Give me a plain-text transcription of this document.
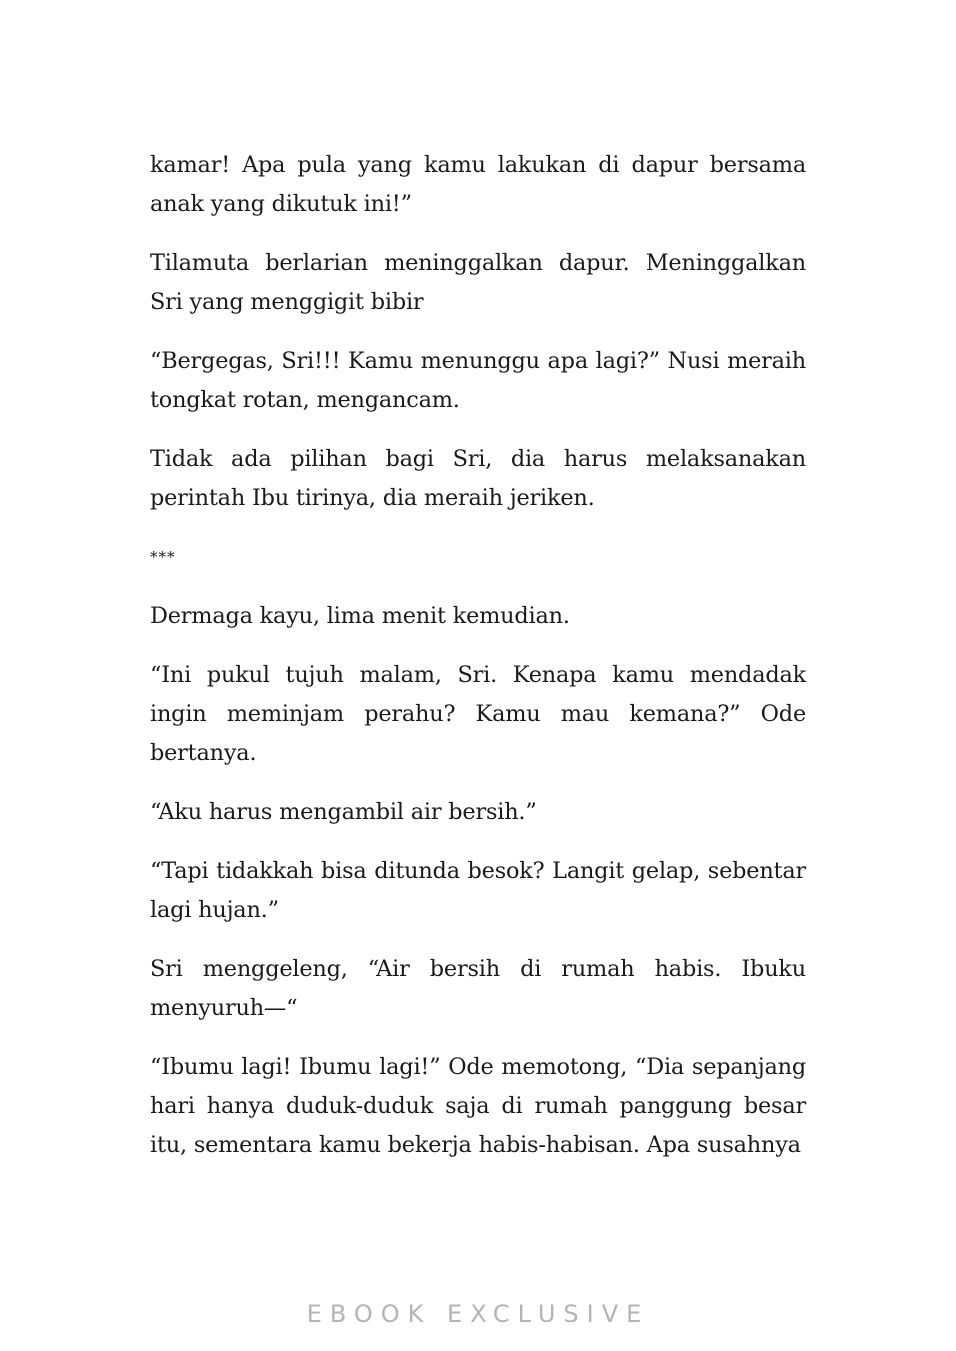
kamar! Apa pula yang kamu lakukan di dapur bersama anak yang dikutuk ini!”

Tilamuta berlarian meninggalkan dapur. Meninggalkan Sri yang menggigit bibir

“Bergegas, Sri!!! Kamu menunggu apa lagi?” Nusi meraih tongkat rotan, mengancam.

Tidak ada pilihan bagi Sri, dia harus melaksanakan perintah Ibu tirinya, dia meraih jeriken.

***

Dermaga kayu, lima menit kemudian.

“Ini pukul tujuh malam, Sri. Kenapa kamu mendadak ingin meminjam perahu? Kamu mau kemana?” Ode bertanya.

“Aku harus mengambil air bersih.”

“Tapi tidakkah bisa ditunda besok? Langit gelap, sebentar lagi hujan.”

Sri menggeleng, “Air bersih di rumah habis. Ibuku menyuruh—“

“Ibumu lagi! Ibumu lagi!” Ode memotong, “Dia sepanjang hari hanya duduk-duduk saja di rumah panggung besar itu, sementara kamu bekerja habis-habisan. Apa susahnya

EBOOK EXCLUSIVE
